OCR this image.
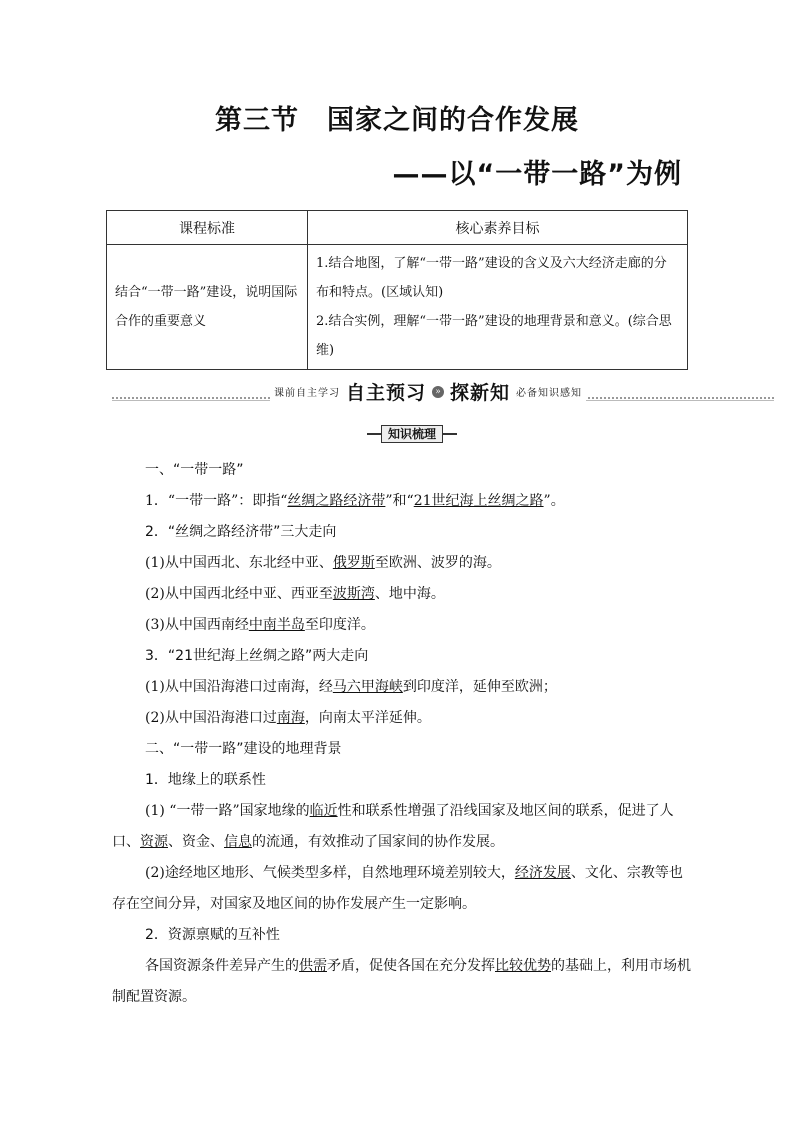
第三节　国家之间的合作发展
——以“一带一路”为例
课程标准	核心素养目标
结合“一带一路”建设，说明国际合作的重要意义	1.结合地图，了解“一带一路”建设的含义及六大经济走廊的分布和特点。(区域认知)
2.结合实例，理解“一带一路”建设的地理背景和意义。(综合思维)
课前自主学习 自主预习	» 探新知 必备知识感知
知识梳理

一、“一带一路”

1．“一带一路”：即指“丝绸之路经济带”和“21世纪海上丝绸之路”。

2．“丝绸之路经济带”三大走向

(1)从中国西北、东北经中亚、俄罗斯至欧洲、波罗的海。

(2)从中国西北经中亚、西亚至波斯湾、地中海。

(3)从中国西南经中南半岛至印度洋。

3．“21世纪海上丝绸之路”两大走向

(1)从中国沿海港口过南海，经马六甲海峡到印度洋，延伸至欧洲；

(2)从中国沿海港口过南海，向南太平洋延伸。

二、“一带一路”建设的地理背景

1．地缘上的联系性

(1) “一带一路”国家地缘的临近性和联系性增强了沿线国家及地区间的联系，促进了人口、资源、资金、信息的流通，有效推动了国家间的协作发展。

(2)途经地区地形、气候类型多样，自然地理环境差别较大，经济发展、文化、宗教等也存在空间分异，对国家及地区间的协作发展产生一定影响。

2．资源禀赋的互补性

各国资源条件差异产生的供需矛盾，促使各国在充分发挥比较优势的基础上，利用市场机制配置资源。
